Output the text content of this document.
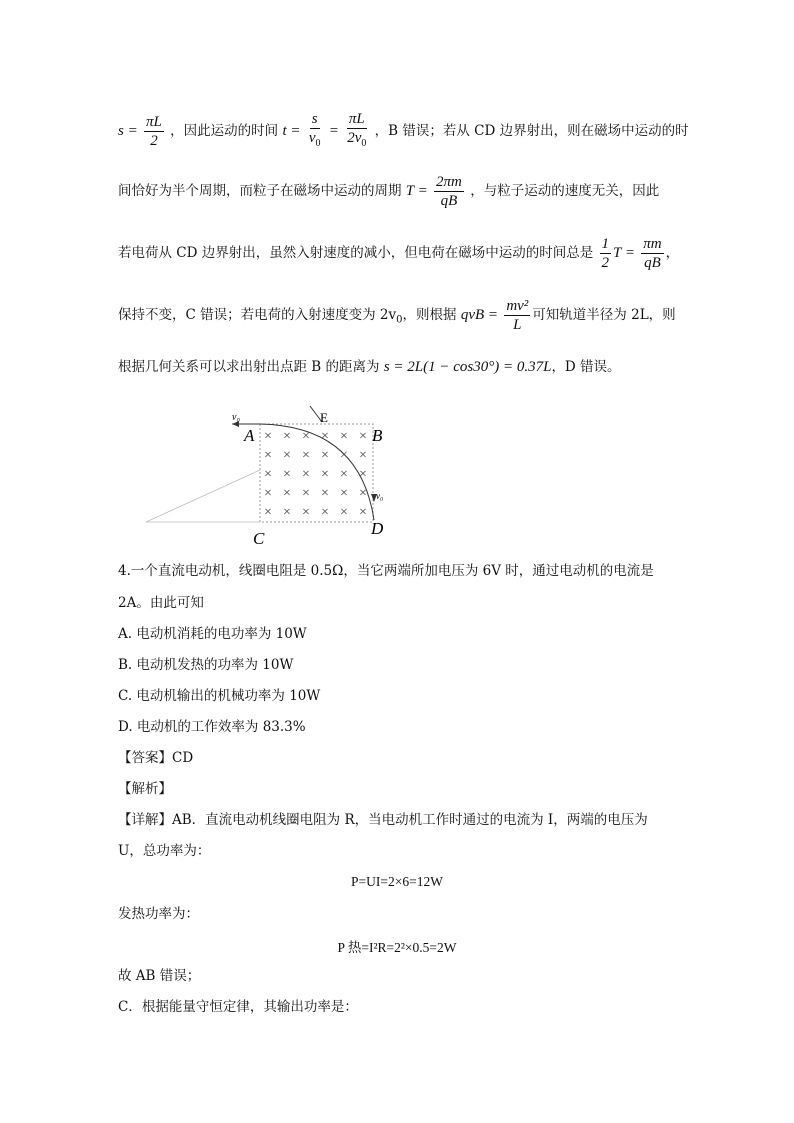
$s = \frac{\pi L}{2}$ ，因此运动的时间 $t = \frac{s}{v_0} = \frac{\pi L}{2v_0}$ ，B 错误；若从 CD 边界射出，则在磁场中运动的时
间恰好为半个周期，而粒子在磁场中运动的周期 $T = \frac{2\pi m}{qB}$ ，与粒子运动的速度无关，因此
若电荷从 CD 边界射出，虽然入射速度的减小，但电荷在磁场中运动的时间总是 $\frac{1}{2}$ $T = \frac{\pi m}{qB}$ ，
保持不变，C 错误；若电荷的入射速度变为 $2v_0$，则根据 qvB = $\frac{\text{mv²}}{L}$ 可知轨道半径为 2L，则
根据几何关系可以求出射出点距 B 的距离为 s = 2L(1 − cos30°) = 0.37L，D 错误。
v₀	E
v₀
A	B
C
D
× × × × × ×
× × × × × ×
× × × × × ×
× × × × × ×
× × × × × ×
4.一个直流电动机，线圈电阻是 0.5Ω，当它两端所加电压为 6V 时，通过电动机的电流是
2A。由此可知
A. 电动机消耗的电功率为 10W
B. 电动机发热的功率为 10W
C. 电动机输出的机械功率为 10W
D. 电动机的工作效率为 83.3%
【答案】CD
【解析】
【详解】AB．直流电动机线圈电阻为 R，当电动机工作时通过的电流为 I，两端的电压为
U，总功率为：
P=UI=2×6=12W
发热功率为：
P 热=I²R=2²×0.5=2W
故 AB 错误；
C．根据能量守恒定律，其输出功率是：
